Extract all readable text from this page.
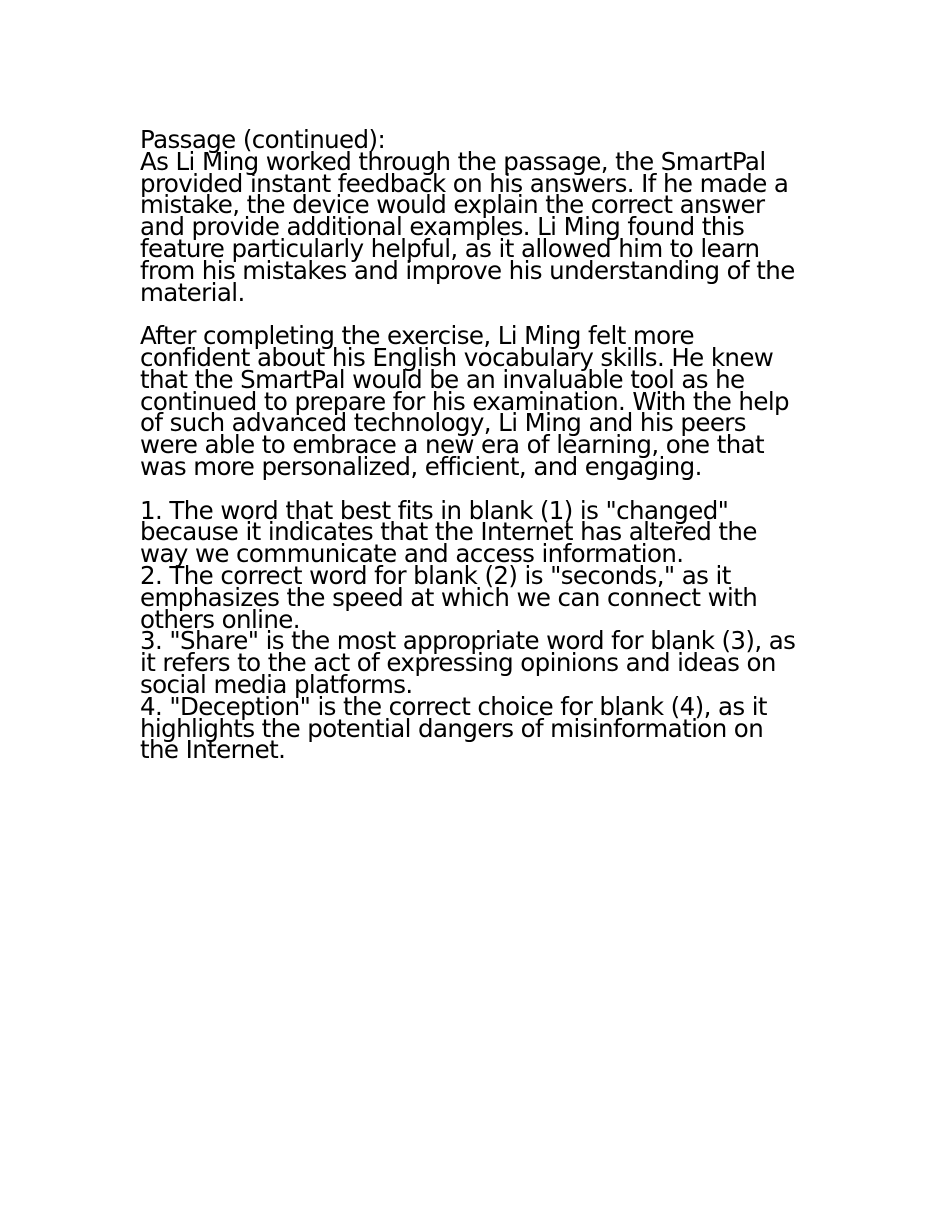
Passage (continued):
As Li Ming worked through the passage, the SmartPal
provided instant feedback on his answers. If he made a
mistake, the device would explain the correct answer
and provide additional examples. Li Ming found this
feature particularly helpful, as it allowed him to learn
from his mistakes and improve his understanding of the
material.
After completing the exercise, Li Ming felt more
confident about his English vocabulary skills. He knew
that the SmartPal would be an invaluable tool as he
continued to prepare for his examination. With the help
of such advanced technology, Li Ming and his peers
were able to embrace a new era of learning, one that
was more personalized, efficient, and engaging.
1. The word that best fits in blank (1) is "changed"
because it indicates that the Internet has altered the
way we communicate and access information.
2. The correct word for blank (2) is "seconds," as it
emphasizes the speed at which we can connect with
others online.
3. "Share" is the most appropriate word for blank (3), as
it refers to the act of expressing opinions and ideas on
social media platforms.
4. "Deception" is the correct choice for blank (4), as it
highlights the potential dangers of misinformation on
the Internet.
